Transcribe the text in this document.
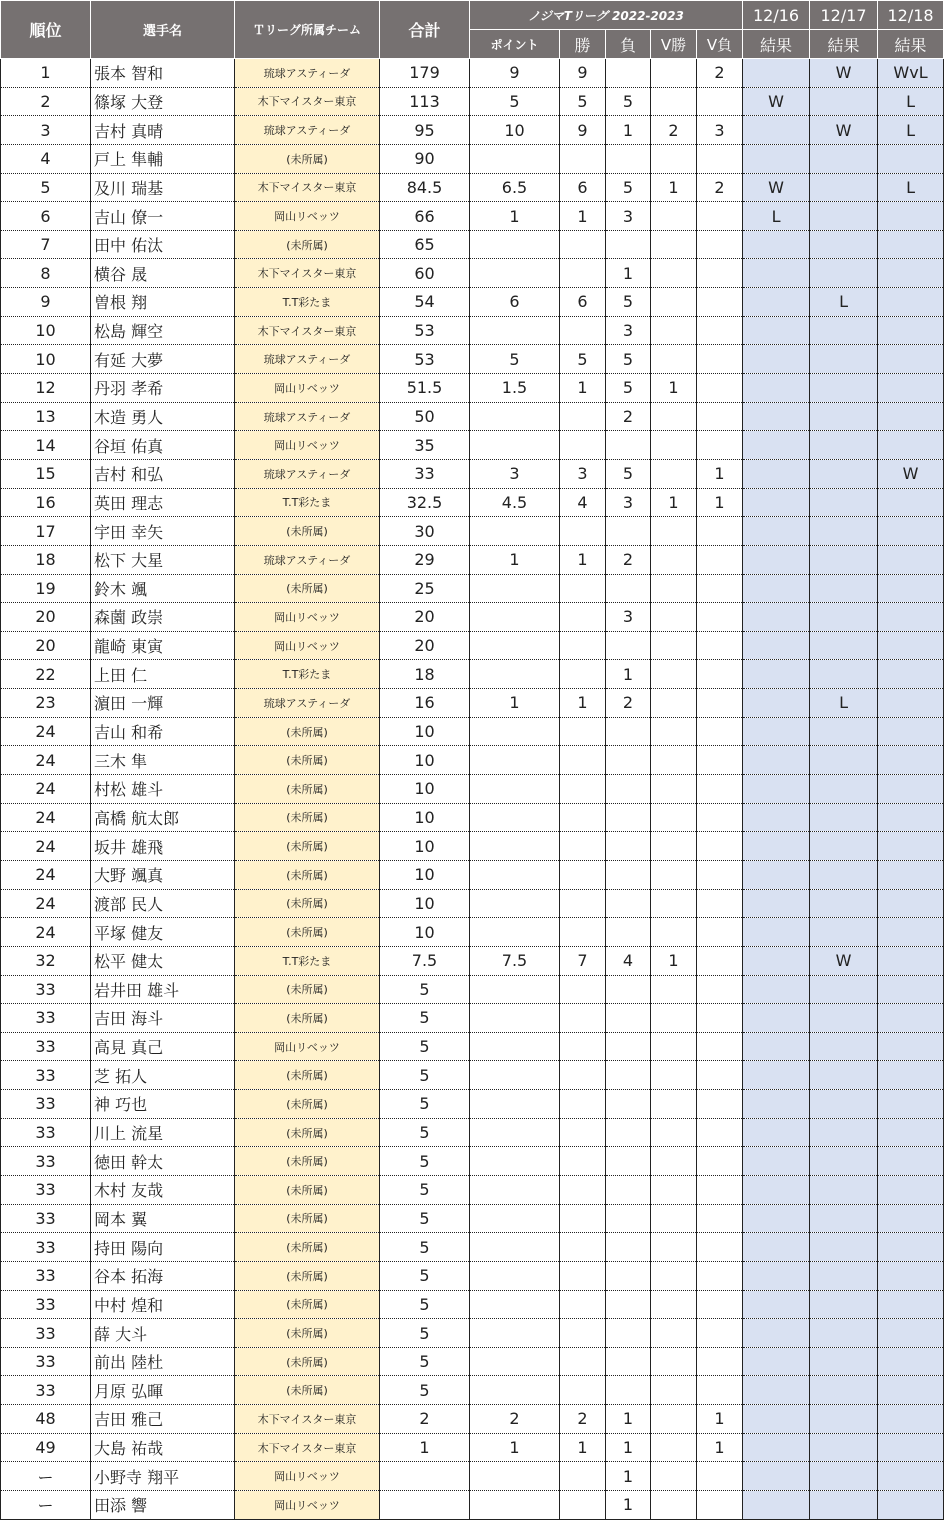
順位	選手名	Ｔリーグ所属チーム	合計	ノジマTリーグ 2022-2023					12/16	12/17	12/18
				ポイント	勝	負	V勝	V負	結果	結果	結果
1	張本 智和	琉球アスティーダ	179	9	9			2		W	WvL
2	篠塚 大登	木下マイスター東京	113	5	5	5			W		L
3	吉村 真晴	琉球アスティーダ	95	10	9	1	2	3		W	L
4	戸上 隼輔	(未所属)	90								
5	及川 瑞基	木下マイスター東京	84.5	6.5	6	5	1	2	W		L
6	吉山 僚一	岡山リベッツ	66	1	1	3			L		
7	田中 佑汰	(未所属)	65								
8	横谷 晟	木下マイスター東京	60			1					
9	曽根 翔	T.T彩たま	54	6	6	5				L	
10	松島 輝空	木下マイスター東京	53			3					
10	有延 大夢	琉球アスティーダ	53	5	5	5					
12	丹羽 孝希	岡山リベッツ	51.5	1.5	1	5	1				
13	木造 勇人	琉球アスティーダ	50			2					
14	谷垣 佑真	岡山リベッツ	35								
15	吉村 和弘	琉球アスティーダ	33	3	3	5		1			W
16	英田 理志	T.T彩たま	32.5	4.5	4	3	1	1			
17	宇田 幸矢	(未所属)	30								
18	松下 大星	琉球アスティーダ	29	1	1	2					
19	鈴木 颯	(未所属)	25								
20	森薗 政崇	岡山リベッツ	20			3					
20	龍崎 東寅	岡山リベッツ	20								
22	上田 仁	T.T彩たま	18			1					
23	濵田 一輝	琉球アスティーダ	16	1	1	2				L	
24	吉山 和希	(未所属)	10								
24	三木 隼	(未所属)	10								
24	村松 雄斗	(未所属)	10								
24	高橋 航太郎	(未所属)	10								
24	坂井 雄飛	(未所属)	10								
24	大野 颯真	(未所属)	10								
24	渡部 民人	(未所属)	10								
24	平塚 健友	(未所属)	10								
32	松平 健太	T.T彩たま	7.5	7.5	7	4	1			W	
33	岩井田 雄斗	(未所属)	5								
33	吉田 海斗	(未所属)	5								
33	高見 真己	岡山リベッツ	5								
33	芝 拓人	(未所属)	5								
33	神 巧也	(未所属)	5								
33	川上 流星	(未所属)	5								
33	徳田 幹太	(未所属)	5								
33	木村 友哉	(未所属)	5								
33	岡本 翼	(未所属)	5								
33	持田 陽向	(未所属)	5								
33	谷本 拓海	(未所属)	5								
33	中村 煌和	(未所属)	5								
33	薛 大斗	(未所属)	5								
33	前出 陸杜	(未所属)	5								
33	月原 弘暉	(未所属)	5								
48	吉田 雅己	木下マイスター東京	2	2	2	1		1			
49	大島 祐哉	木下マイスター東京	1	1	1	1		1			
ー	小野寺 翔平	岡山リベッツ				1					
ー	田添 響	岡山リベッツ				1					
